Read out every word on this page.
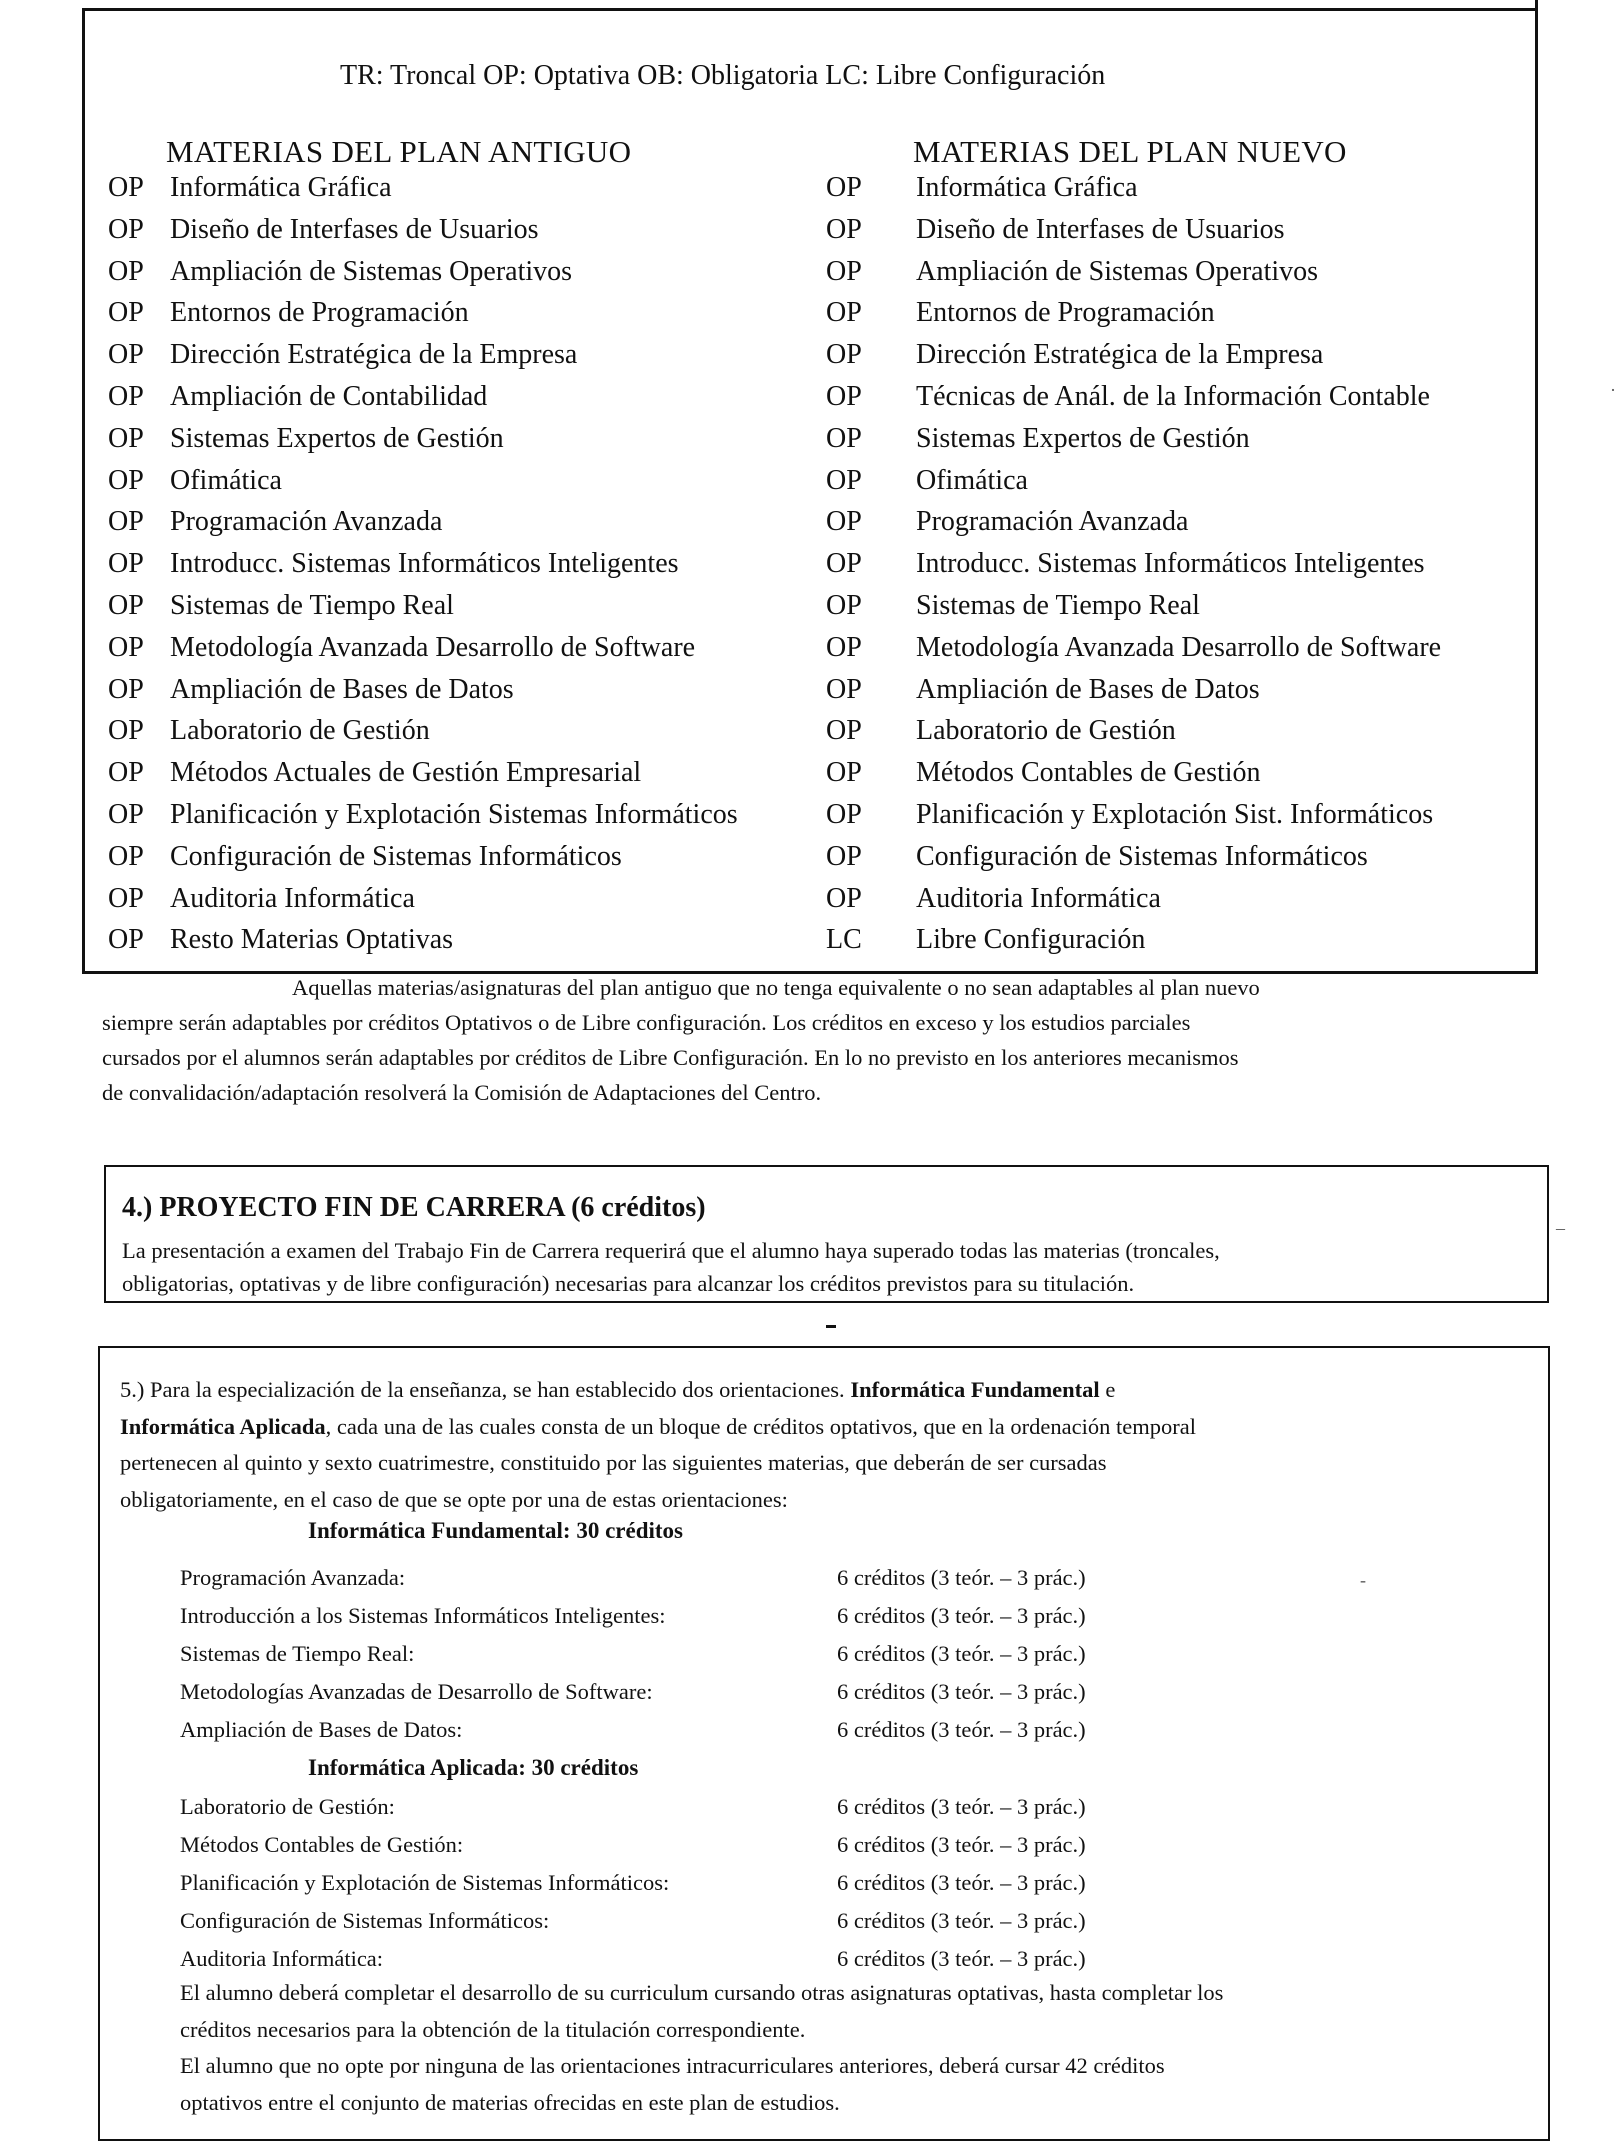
TR: Troncal OP: Optativa OB: Obligatoria LC: Libre Configuración
MATERIAS DEL PLAN ANTIGUO	MATERIAS DEL PLAN NUEVO
OP Informática Gráfica	OP Informática Gráfica
OP Diseño de Interfases de Usuarios	OP Diseño de Interfases de Usuarios
OP Ampliación de Sistemas Operativos	OP Ampliación de Sistemas Operativos
OP Entornos de Programación	OP Entornos de Programación
OP Dirección Estratégica de la Empresa	OP Dirección Estratégica de la Empresa
OP Ampliación de Contabilidad	OP Técnicas de Anál. de la Información Contable
OP Sistemas Expertos de Gestión	OP Sistemas Expertos de Gestión
OP Ofimática	OP Ofimática
OP Programación Avanzada	OP Programación Avanzada
OP Introducc. Sistemas Informáticos Inteligentes	OP Introducc. Sistemas Informáticos Inteligentes
OP Sistemas de Tiempo Real	OP Sistemas de Tiempo Real
OP Metodología Avanzada Desarrollo de Software	OP Metodología Avanzada Desarrollo de Software
OP Ampliación de Bases de Datos	OP Ampliación de Bases de Datos
OP Laboratorio de Gestión	OP Laboratorio de Gestión
OP Métodos Actuales de Gestión Empresarial	OP Métodos Contables de Gestión
OP Planificación y Explotación Sistemas Informáticos	OP Planificación y Explotación Sist. Informáticos
OP Configuración de Sistemas Informáticos	OP Configuración de Sistemas Informáticos
OP Auditoria Informática	OP Auditoria Informática
OP Resto Materias Optativas	LC Libre Configuración

Aquellas materias/asignaturas del plan antiguo que no tenga equivalente o no sean adaptables al plan nuevo

siempre serán adaptables por créditos Optativos o de Libre configuración. Los créditos en exceso y los estudios parciales

cursados por el alumnos serán adaptables por créditos de Libre Configuración. En lo no previsto en los anteriores mecanismos

de convalidación/adaptación resolverá la Comisión de Adaptaciones del Centro.

4.) PROYECTO FIN DE CARRERA (6 créditos)
La presentación a examen del Trabajo Fin de Carrera requerirá que el alumno haya superado todas las materias (troncales,
obligatorias, optativas y de libre configuración) necesarias para alcanzar los créditos previstos para su titulación.

5.) Para la especialización de la enseñanza, se han establecido dos orientaciones. Informática Fundamental e

Informática Aplicada, cada una de las cuales consta de un bloque de créditos optativos, que en la ordenación temporal

pertenecen al quinto y sexto cuatrimestre, constituido por las siguientes materias, que deberán de ser cursadas

obligatoriamente, en el caso de que se opte por una de estas orientaciones:

Informática Fundamental: 30 créditos
Programación Avanzada:	6 créditos (3 teór. – 3 prác.)
Introducción a los Sistemas Informáticos Inteligentes:	6 créditos (3 teór. – 3 prác.)
Sistemas de Tiempo Real:	6 créditos (3 teór. – 3 prác.)
Metodologías Avanzadas de Desarrollo de Software:	6 créditos (3 teór. – 3 prác.)
Ampliación de Bases de Datos:	6 créditos (3 teór. – 3 prác.)
Informática Aplicada: 30 créditos
Laboratorio de Gestión:	6 créditos (3 teór. – 3 prác.)
Métodos Contables de Gestión:	6 créditos (3 teór. – 3 prác.)
Planificación y Explotación de Sistemas Informáticos:	6 créditos (3 teór. – 3 prác.)
Configuración de Sistemas Informáticos:	6 créditos (3 teór. – 3 prác.)
Auditoria Informática:	6 créditos (3 teór. – 3 prác.)

El alumno deberá completar el desarrollo de su curriculum cursando otras asignaturas optativas, hasta completar los

créditos necesarios para la obtención de la titulación correspondiente.

El alumno que no opte por ninguna de las orientaciones intracurriculares anteriores, deberá cursar 42 créditos

optativos entre el conjunto de materias ofrecidas en este plan de estudios.

·
–
-
